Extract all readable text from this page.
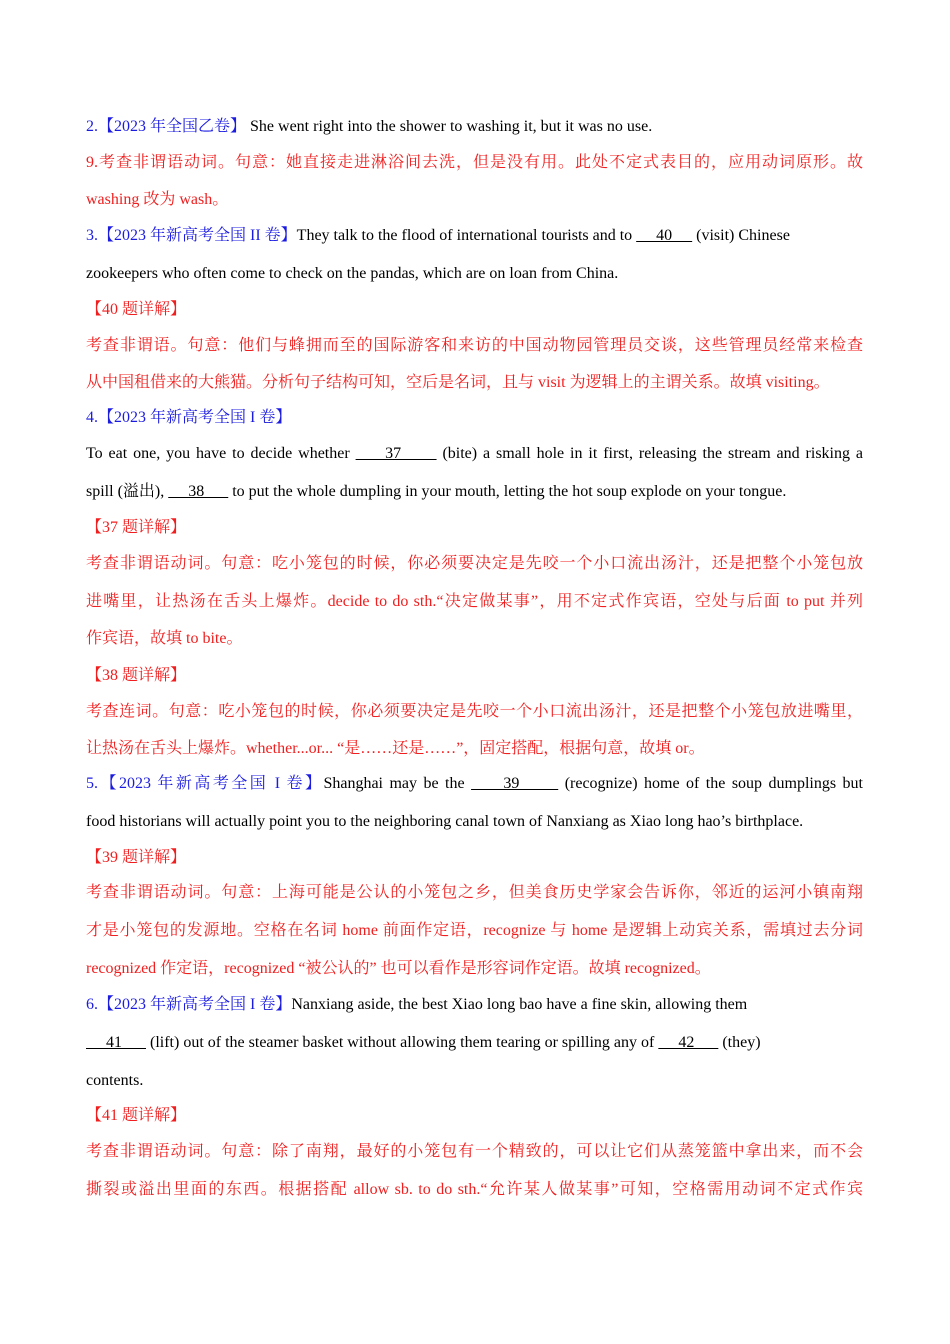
2.【2023 年全国乙卷】 She went right into the shower to washing it, but it was no use.
9.考查非谓语动词。句意：她直接走进淋浴间去洗，但是没有用。此处不定式表目的，应用动词原形。故
washing 改为 wash。
3.【2023 年新高考全国 II 卷】They talk to the flood of international tourists and to      40      (visit) Chinese
zookeepers who often come to check on the pandas, which are on loan from China.
【40 题详解】
考查非谓语。句意：他们与蜂拥而至的国际游客和来访的中国动物园管理员交谈，这些管理员经常来检查
从中国租借来的大熊猫。分析句子结构可知，空后是名词，且与 visit 为逻辑上的主谓关系。故填 visiting。
4.【2023 年新高考全国 I 卷】
To eat one, you have to decide whether      37       (bite) a small hole in it first, releasing the stream and risking a
spill (溢出),      38       to put the whole dumpling in your mouth, letting the hot soup explode on your tongue.
【37 题详解】
考查非谓语动词。句意：吃小笼包的时候，你必须要决定是先咬一个小口流出汤汁，还是把整个小笼包放
进嘴里，让热汤在舌头上爆炸。decide to do sth.“决定做某事”，用不定式作宾语，空处与后面 to put 并列
作宾语，故填 to bite。
【38 题详解】
考查连词。句意：吃小笼包的时候，你必须要决定是先咬一个小口流出汤汁，还是把整个小笼包放进嘴里，
让热汤在舌头上爆炸。whether...or... “是……还是……”，固定搭配，根据句意，故填 or。
5.【2023 年新高考全国 I 卷】Shanghai may be the      39       (recognize) home of the soup dumplings but
food historians will actually point you to the neighboring canal town of Nanxiang as Xiao long hao’s birthplace.
【39 题详解】
考查非谓语动词。句意：上海可能是公认的小笼包之乡，但美食历史学家会告诉你，邻近的运河小镇南翔
才是小笼包的发源地。空格在名词 home 前面作定语，recognize 与 home 是逻辑上动宾关系，需填过去分词
recognized 作定语，recognized “被公认的” 也可以看作是形容词作定语。故填 recognized。
6.【2023 年新高考全国 I 卷】Nanxiang aside, the best Xiao long bao have a fine skin, allowing them
41       (lift) out of the steamer basket without allowing them tearing or spilling any of      42       (they)
contents.
【41 题详解】
考查非谓语动词。句意：除了南翔，最好的小笼包有一个精致的，可以让它们从蒸笼篮中拿出来，而不会
撕裂或溢出里面的东西。根据搭配 allow sb. to do sth.“允许某人做某事”可知，空格需用动词不定式作宾
